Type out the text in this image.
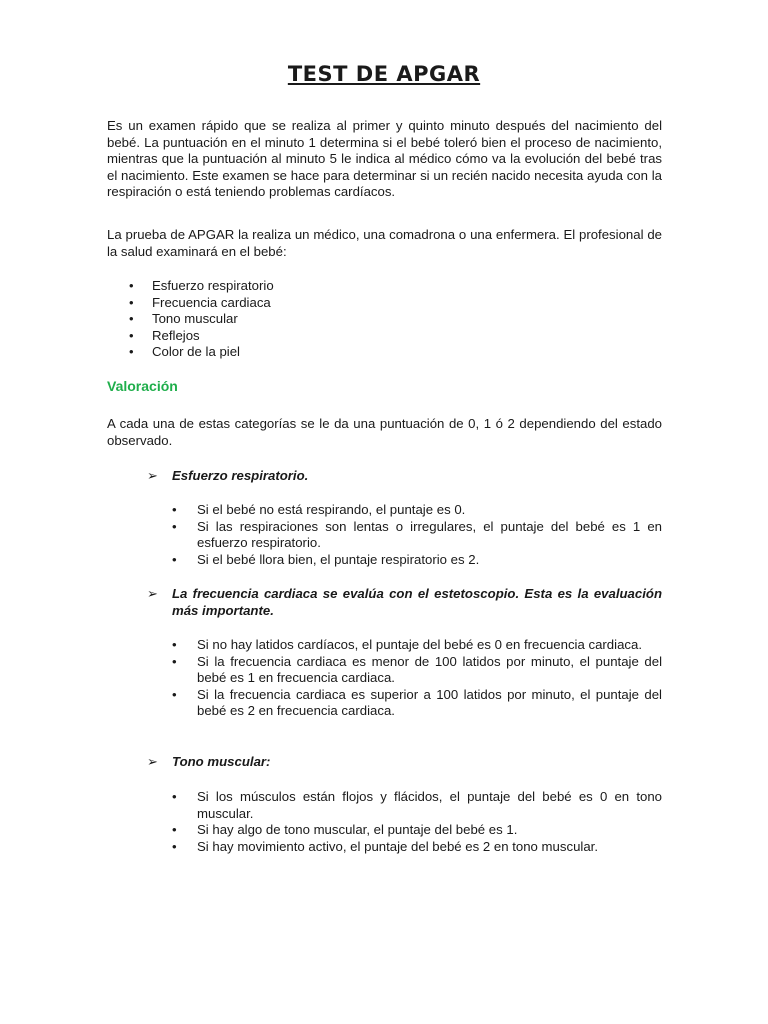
TEST DE APGAR

Es un examen rápido que se realiza al primer y quinto minuto después del nacimiento del bebé. La puntuación en el minuto 1 determina si el bebé toleró bien el proceso de nacimiento, mientras que la puntuación al minuto 5 le indica al médico cómo va la evolución del bebé tras el nacimiento. Este examen se hace para determinar si un recién nacido necesita ayuda con la respiración o está teniendo problemas cardíacos.

La prueba de APGAR la realiza un médico, una comadrona o una enfermera. El profesional de la salud examinará en el bebé:

• Esfuerzo respiratorio
• Frecuencia cardiaca
• Tono muscular
• Reflejos
• Color de la piel
Valoración

A cada una de estas categorías se le da una puntuación de 0, 1 ó 2 dependiendo del estado observado.

➢ Esfuerzo respiratorio.
• Si el bebé no está respirando, el puntaje es 0.
• Si las respiraciones son lentas o irregulares, el puntaje del bebé es 1 en esfuerzo respiratorio.
• Si el bebé llora bien, el puntaje respiratorio es 2.
➢ La frecuencia cardiaca se evalúa con el estetoscopio. Esta es la evaluación más importante.
• Si no hay latidos cardíacos, el puntaje del bebé es 0 en frecuencia cardiaca.
• Si la frecuencia cardiaca es menor de 100 latidos por minuto, el puntaje del bebé es 1 en frecuencia cardiaca.
• Si la frecuencia cardiaca es superior a 100 latidos por minuto, el puntaje del bebé es 2 en frecuencia cardiaca.
➢ Tono muscular:
• Si los músculos están flojos y flácidos, el puntaje del bebé es 0 en tono muscular.
• Si hay algo de tono muscular, el puntaje del bebé es 1.
• Si hay movimiento activo, el puntaje del bebé es 2 en tono muscular.
